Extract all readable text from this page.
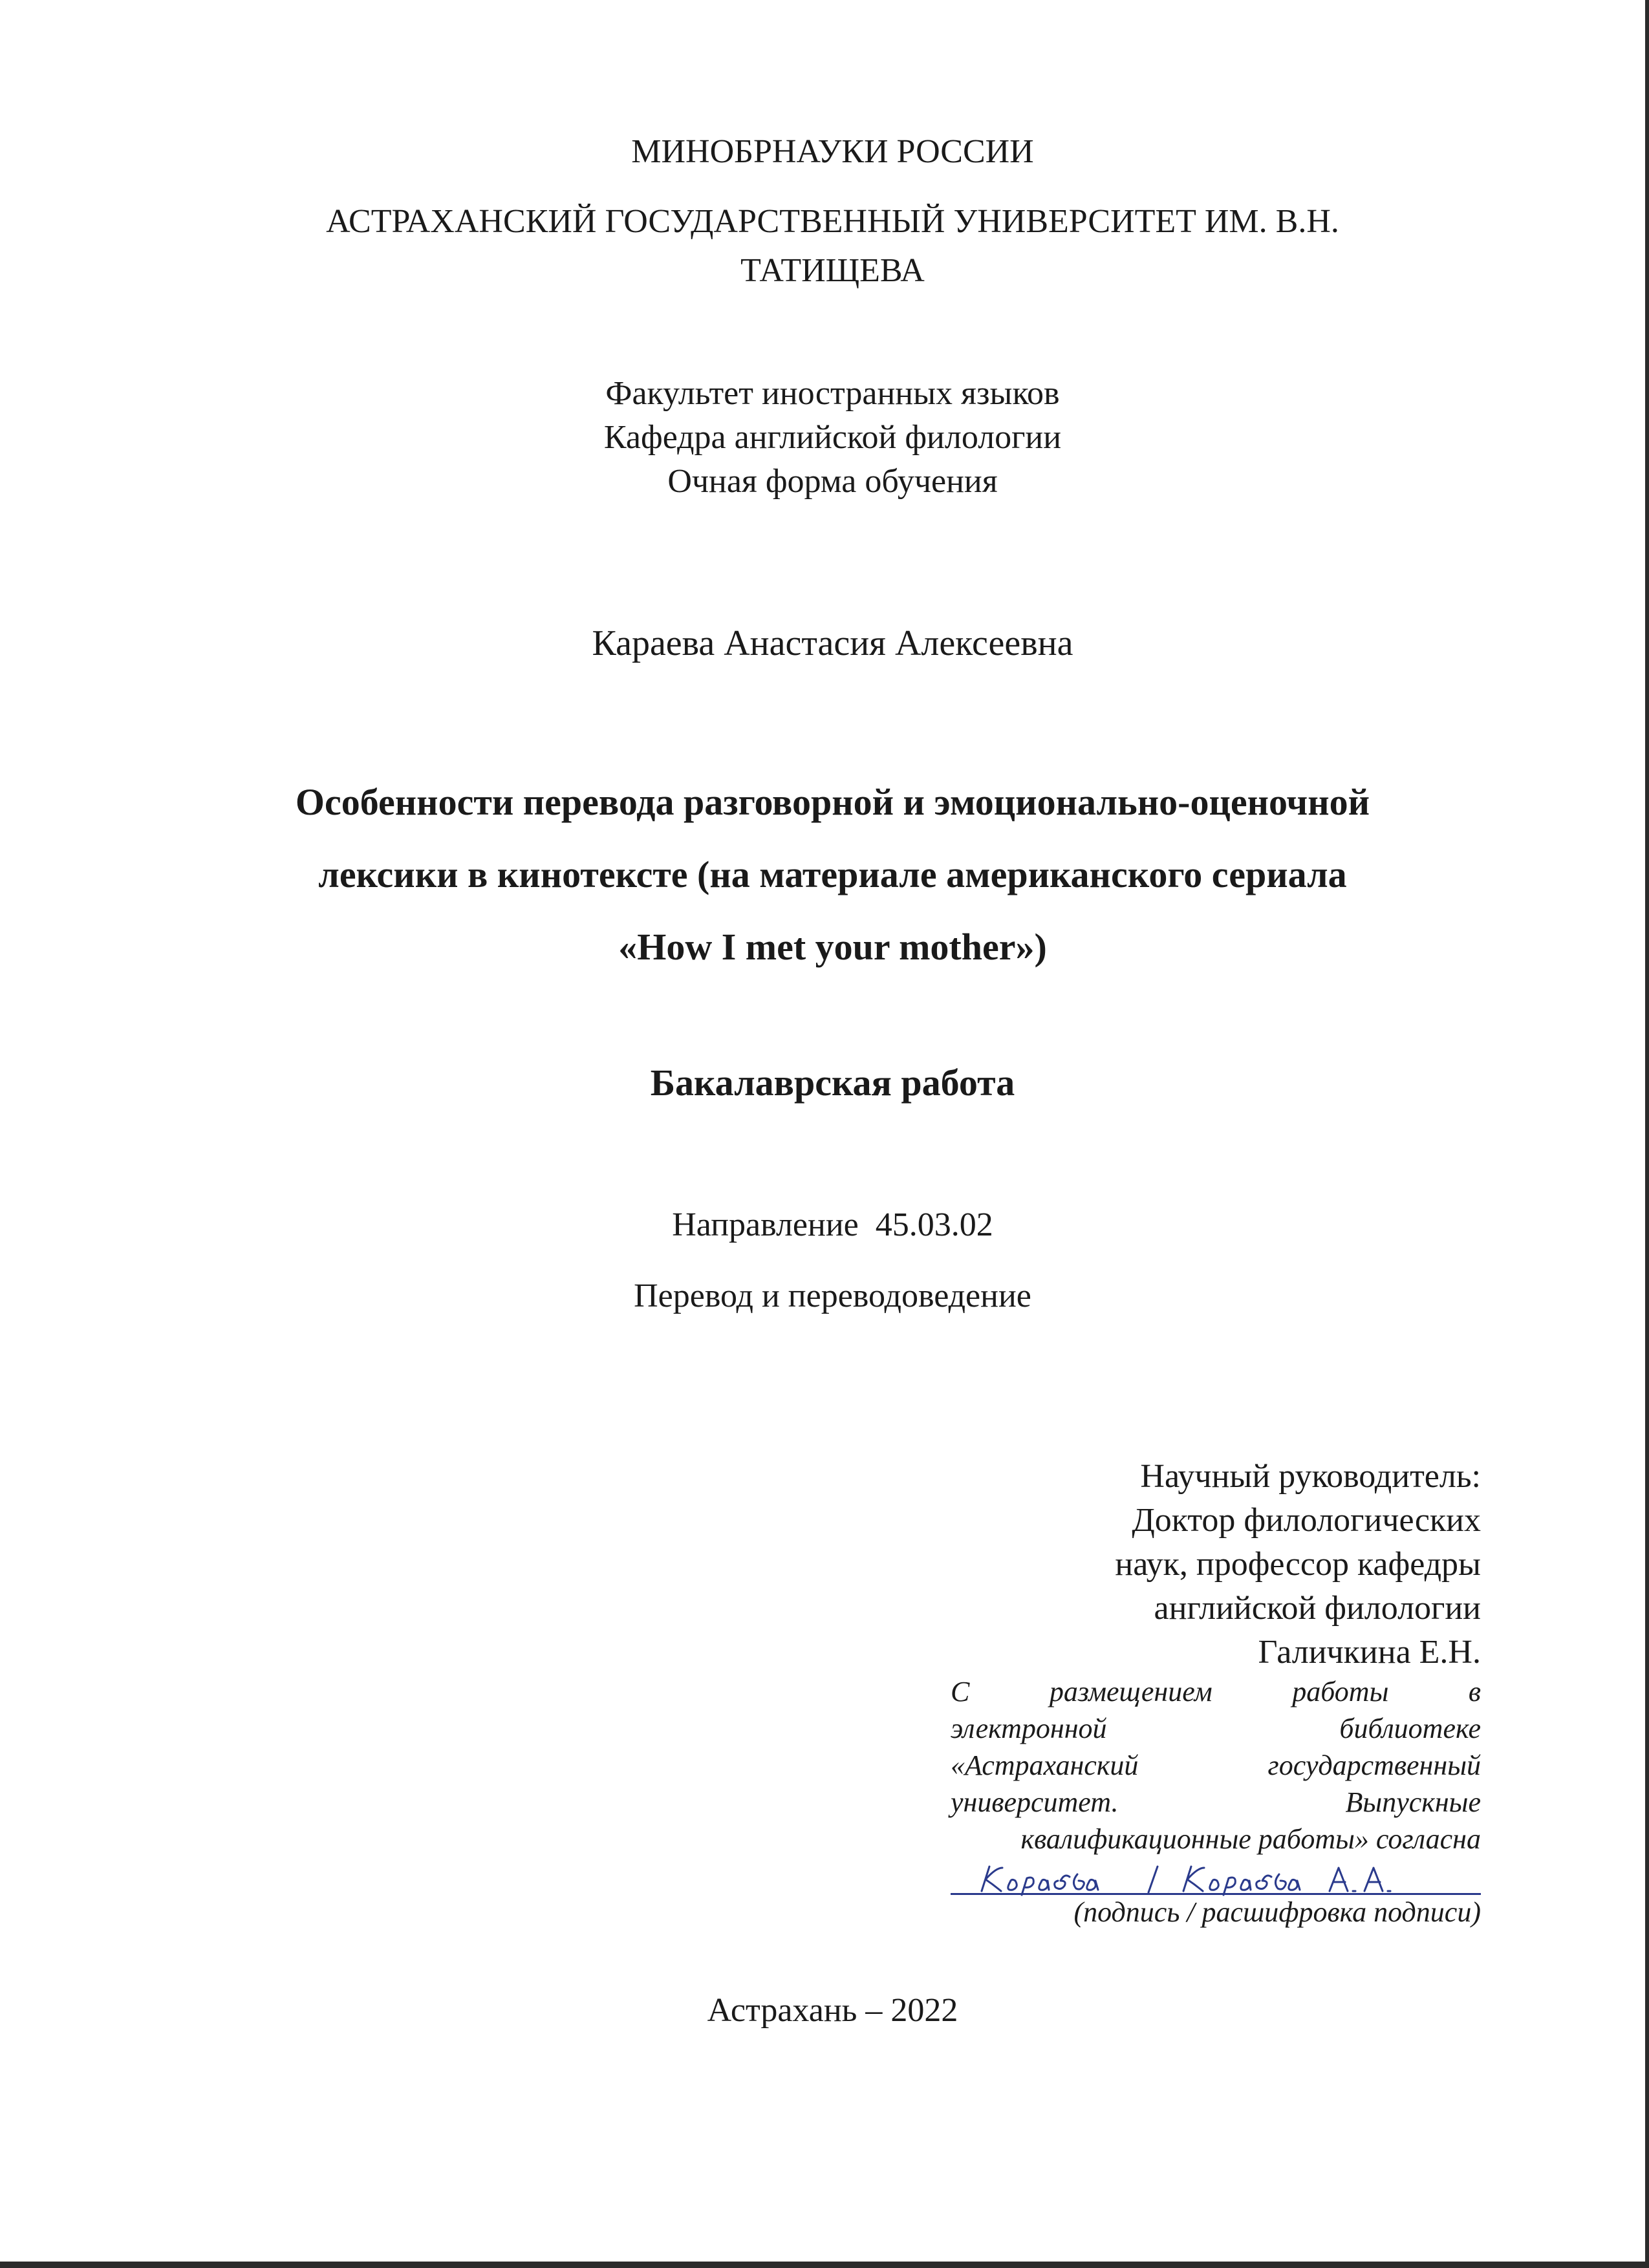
МИНОБРНАУКИ РОССИИ
АСТРАХАНСКИЙ ГОСУДАРСТВЕННЫЙ УНИВЕРСИТЕТ ИМ. В.Н.
ТАТИЩЕВА
Факультет иностранных языков
Кафедра английской филологии
Очная форма обучения
Караева Анастасия Алексеевна
Особенности перевода разговорной и эмоционально-оценочной
лексики в кинотексте (на материале американского сериала
«How I met your mother»)
Бакалаврская работа
Направление  45.03.02
Перевод и переводоведение
Научный руководитель:
Доктор филологических
наук, профессор кафедры
английской филологии
Галичкина Е.Н.
С размещением работы в
электронной библиотеке
«Астраханский государственный
университет. Выпускные
квалификационные работы» согласна
(подпись / расшифровка подписи)
Астрахань – 2022
